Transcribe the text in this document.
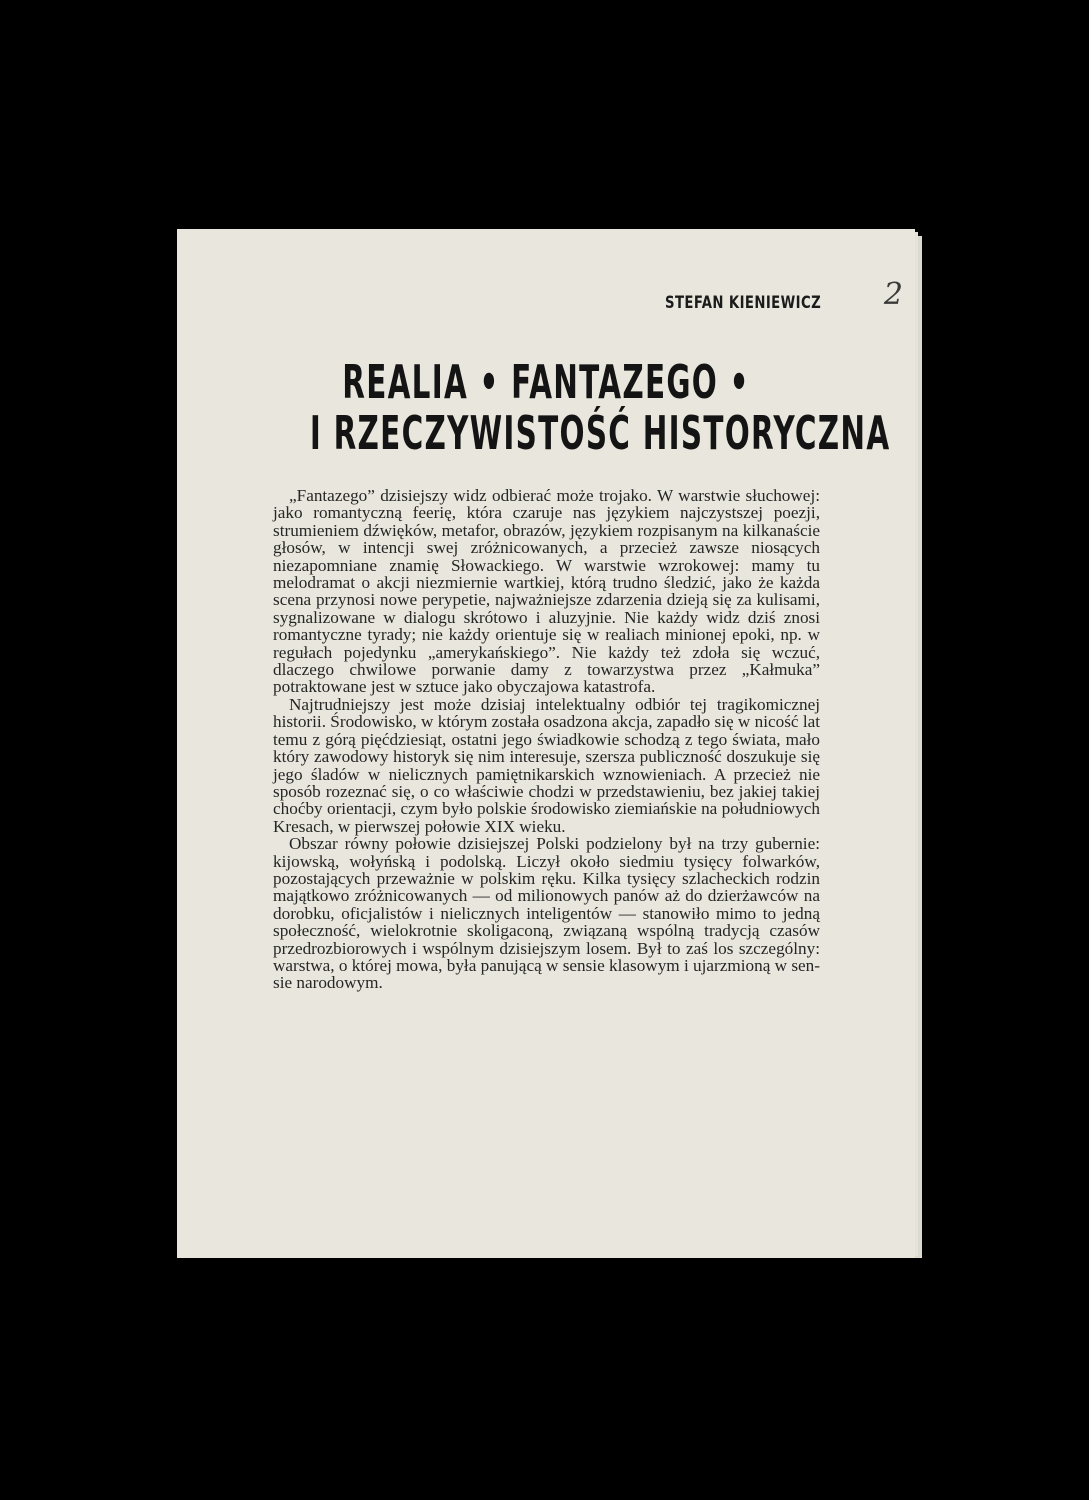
STEFAN KIENIEWICZ 2
REALIA • FANTAZEGO •
I RZECZYWISTOŚĆ HISTORYCZNA

„Fantazego” dzisiejszy widz odbierać może trojako. W warstwie słuchowej: jako romantyczną feerię, która czaruje nas językiem najczystszej poezji, strumieniem dźwięków, metafor, obrazów, językiem rozpisanym na kilkanaście głosów, w intencji swej zróżnicowanych, a przecież zawsze niosących niezapomniane znamię Słowackiego. W warstwie wzrokowej: mamy tu melodramat o akcji niezmiernie wartkiej, którą trudno śledzić, jako że każda scena przynosi nowe perypetie, najważniejsze zdarzenia dzieją się za kulisami, sygnalizowane w dialogu skrótowo i aluzyjnie. Nie każdy widz dziś znosi romantyczne tyrady; nie każdy orientuje się w realiach minionej epoki, np. w regułach pojedynku „amerykańskiego”. Nie każdy też zdoła się wczuć, dlaczego chwilowe porwanie damy z towarzystwa przez „Kałmuka” potraktowane jest w sztuce jako obyczajowa katastrofa.

Najtrudniejszy jest może dzisiaj intelektualny odbiór tej tragikomicznej historii. Środowisko, w którym została osadzona akcja, zapadło się w nicość lat temu z górą pięćdziesiąt, ostatni jego świadkowie schodzą z tego świata, mało który zawodowy historyk się nim interesuje, szersza publiczność doszukuje się jego śladów w nielicznych pamiętnikarskich wznowieniach. A przecież nie sposób rozeznać się, o co właściwie chodzi w przedstawieniu, bez jakiej takiej choćby orientacji, czym było polskie środowisko ziemiańskie na południowych Kresach, w pierwszej połowie XIX wieku.

Obszar równy połowie dzisiejszej Polski podzielony był na trzy gubernie: kijowską, wołyńską i podolską. Liczył około siedmiu tysięcy folwarków, pozostających przeważnie w polskim ręku. Kilka tysięcy szlacheckich rodzin majątkowo zróżnicowanych — od milionowych panów aż do dzierżawców na dorobku, oficjalistów i nielicznych inteligentów — stanowiło mimo to jedną społeczność, wielokrotnie skoligaconą, związaną wspólną tradycją czasów przedrozbiorowych i wspólnym dzisiejszym losem. Był to zaś los szczególny: warstwa, o której mowa, była panującą w sensie klasowym i ujarzmioną w sensie narodowym.
